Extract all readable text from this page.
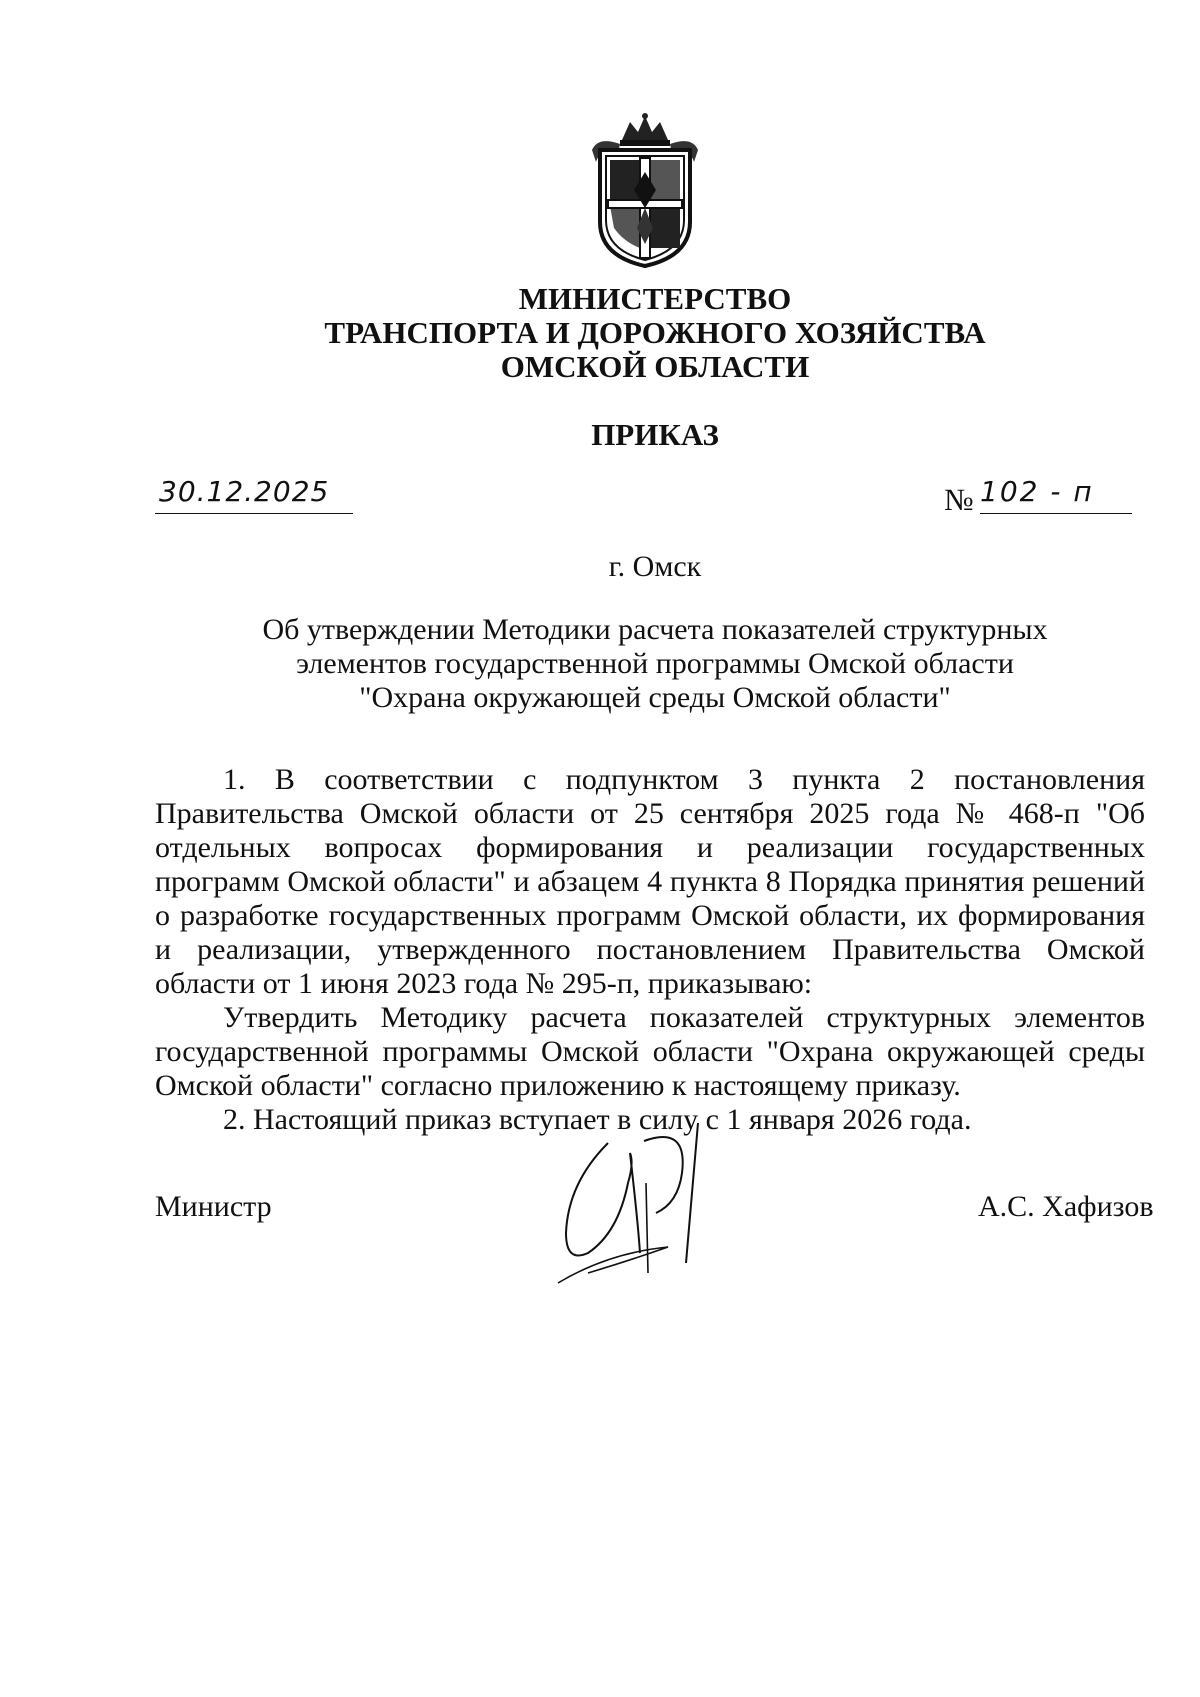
МИНИСТЕРСТВО
ТРАНСПОРТА И ДОРОЖНОГО ХОЗЯЙСТВА
ОМСКОЙ ОБЛАСТИ
ПРИКАЗ
30.12.2025	№ 102 - п
г. Омск
Об утверждении Методики расчета показателей структурных
элементов государственной программы Омской области
"Охрана окружающей среды Омской области"

1. В соответствии с подпунктом 3 пункта 2 постановления Правительства Омской области от 25 сентября 2025 года № 468-п "Об отдельных вопросах формирования и реализации государственных программ Омской области" и абзацем 4 пункта 8 Порядка принятия решений о разработке государственных программ Омской области, их формирования и реализации, утвержденного постановлением Правительства Омской области от 1 июня 2023 года № 295-п, приказываю:

Утвердить Методику расчета показателей структурных элементов государственной программы Омской области "Охрана окружающей среды Омской области" согласно приложению к настоящему приказу.

2. Настоящий приказ вступает в силу с 1 января 2026 года.

Министр	А.С. Хафизов
